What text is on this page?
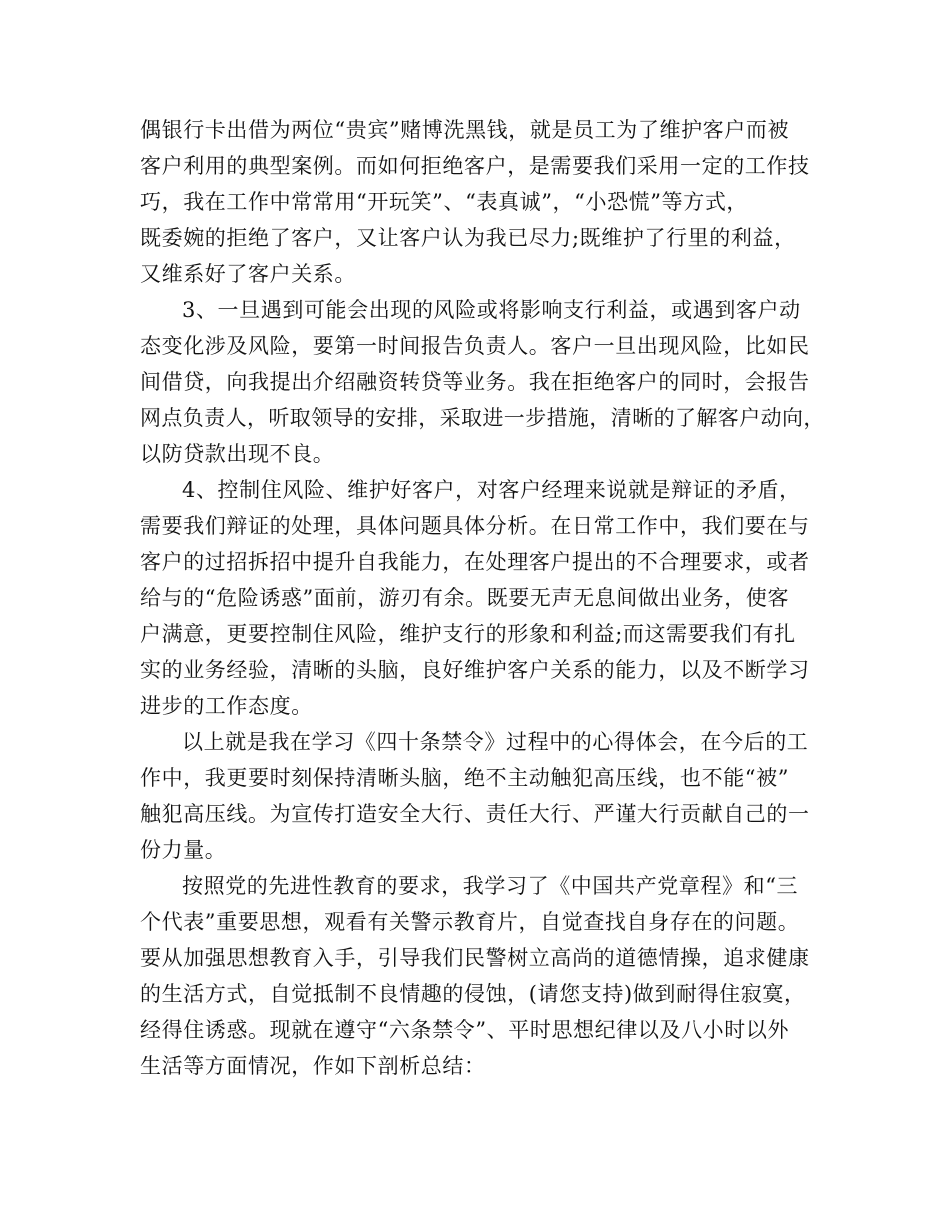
偶银行卡出借为两位“贵宾”赌博洗黑钱，就是员工为了维护客户而被
客户利用的典型案例。而如何拒绝客户，是需要我们采用一定的工作技
巧，我在工作中常常用“开玩笑”、“表真诚”，“小恐慌”等方式，
既委婉的拒绝了客户，又让客户认为我已尽力;既维护了行里的利益，
又维系好了客户关系。
3、一旦遇到可能会出现的风险或将影响支行利益，或遇到客户动
态变化涉及风险，要第一时间报告负责人。客户一旦出现风险，比如民
间借贷，向我提出介绍融资转贷等业务。我在拒绝客户的同时，会报告
网点负责人，听取领导的安排，采取进一步措施，清晰的了解客户动向，
以防贷款出现不良。
4、控制住风险、维护好客户，对客户经理来说就是辩证的矛盾，
需要我们辩证的处理，具体问题具体分析。在日常工作中，我们要在与
客户的过招拆招中提升自我能力，在处理客户提出的不合理要求，或者
给与的“危险诱惑”面前，游刃有余。既要无声无息间做出业务，使客
户满意，更要控制住风险，维护支行的形象和利益;而这需要我们有扎
实的业务经验，清晰的头脑，良好维护客户关系的能力，以及不断学习
进步的工作态度。
以上就是我在学习《四十条禁令》过程中的心得体会，在今后的工
作中，我更要时刻保持清晰头脑，绝不主动触犯高压线，也不能“被”
触犯高压线。为宣传打造安全大行、责任大行、严谨大行贡献自己的一
份力量。
按照党的先进性教育的要求，我学习了《中国共产党章程》和“三
个代表”重要思想，观看有关警示教育片，自觉查找自身存在的问题。
要从加强思想教育入手，引导我们民警树立高尚的道德情操，追求健康
的生活方式，自觉抵制不良情趣的侵蚀，(请您支持)做到耐得住寂寞，
经得住诱惑。现就在遵守“六条禁令”、平时思想纪律以及八小时以外
生活等方面情况，作如下剖析总结：
